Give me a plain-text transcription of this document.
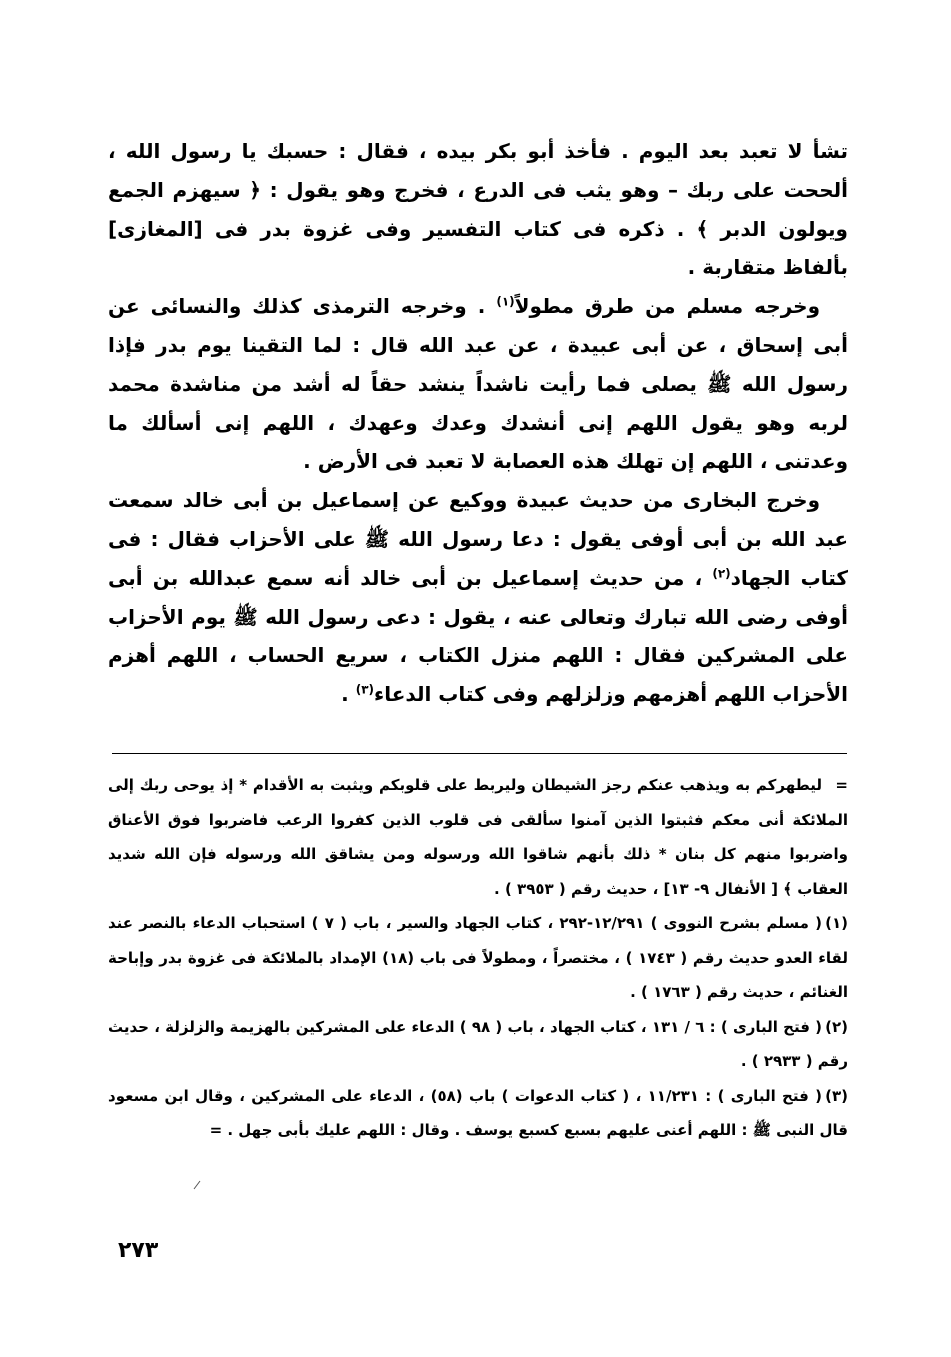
تشأ لا تعبد بعد اليوم . فأخذ أبو بكر بيده ، فقال : حسبك يا رسول الله ، ألححت على ربك – وهو يثب فى الدرع ، فخرج وهو يقول : ﴿ سيهزم الجمع ويولون الدبر ﴾ . ذكره فى كتاب التفسير وفى غزوة بدر فى [المغازى] بألفاظ متقاربة .

وخرجه مسلم من طرق مطولاً$^{(١)}$ . وخرجه الترمذى كذلك والنسائى عن أبى إسحاق ، عن أبى عبيدة ، عن عبد الله قال : لما التقينا يوم بدر فإذا رسول الله ﷺ يصلى فما رأيت ناشداً ينشد حقاً له أشد من مناشدة محمد لربه وهو يقول اللهم إنى أنشدك وعدك وعهدك ، اللهم إنى أسألك ما وعدتنى ، اللهم إن تهلك هذه العصابة لا تعبد فى الأرض .

وخرج البخارى من حديث عبيدة ووكيع عن إسماعيل بن أبى خالد سمعت عبد الله بن أبى أوفى يقول : دعا رسول الله ﷺ على الأحزاب فقال : فى كتاب الجهاد$^{(٢)}$ ، من حديث إسماعيل بن أبى خالد أنه سمع عبدالله بن أبى أوفى رضى الله تبارك وتعالى عنه ، يقول : دعى رسول الله ﷺ يوم الأحزاب على المشركين فقال : اللهم منزل الكتاب ، سريع الحساب ، اللهم أهزم الأحزاب اللهم أهزمهم وزلزلهم وفى كتاب الدعاء$^{(٣)}$ .

=ليطهركم به ويذهب عنكم رجز الشيطان وليربط على قلوبكم ويثبت به الأقدام * إذ يوحى ربك إلى الملائكة أنى معكم فثبتوا الذين آمنوا سألقى فى قلوب الذين كفروا الرعب فاضربوا فوق الأعناق واضربوا منهم كل بنان * ذلك بأنهم شاقوا الله ورسوله ومن يشاقق الله ورسوله فإن الله شديد العقاب ﴾ [ الأنفال ٩- ١٣] ، حديث رقم ( ٣٩٥٣ ) .

(١)( مسلم بشرح النووى ) ١٢/٢٩١-٢٩٢ ، كتاب الجهاد والسير ، باب ( ٧ ) استحباب الدعاء بالنصر عند لقاء العدو حديث رقم ( ١٧٤٣ ) ، مختصراً ، ومطولاً فى باب (١٨) الإمداد بالملائكة فى غزوة بدر وإباحة الغنائم ، حديث رقم ( ١٧٦٣ ) .

(٢)( فتح البارى ) : ٦ / ١٣١ ، كتاب الجهاد ، باب ( ٩٨ ) الدعاء على المشركين بالهزيمة والزلزلة ، حديث رقم ( ٢٩٣٣ ) .

(٣)( فتح البارى ) : ١١/٢٣١ ، ( كتاب الدعوات ) باب (٥٨) ، الدعاء على المشركين ، وقال ابن مسعود قال النبى ﷺ : اللهم أعنى عليهم بسبع كسبع يوسف . وقال : اللهم عليك بأبى جهل . =

٢٧٣
